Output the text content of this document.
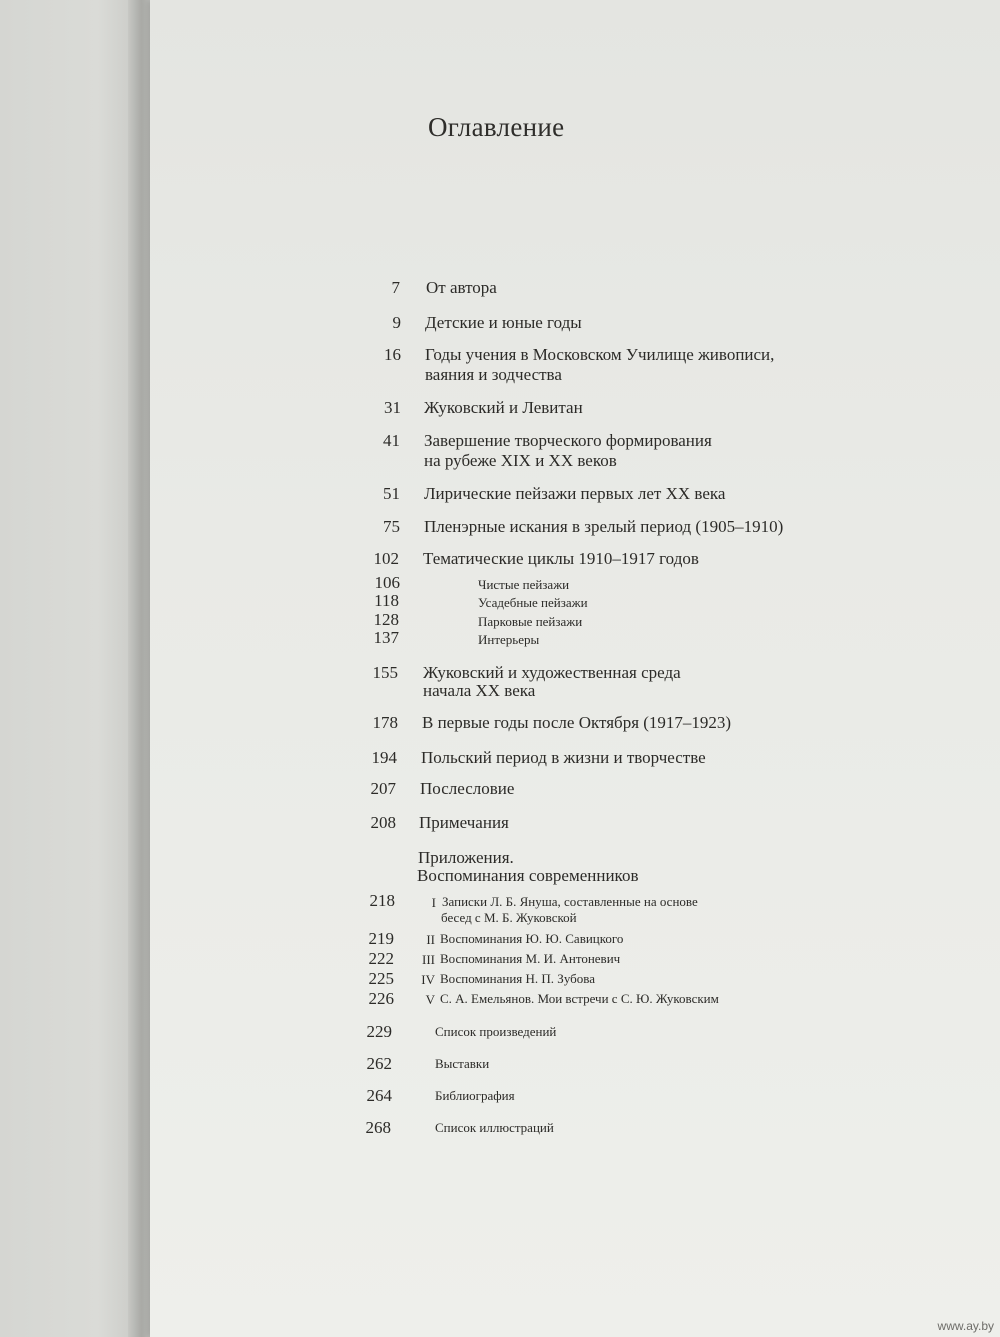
Оглавление
7 От автора
9 Детские и юные годы
16 Годы учения в Московском Училище живописи,
ваяния и зодчества
31 Жуковский и Левитан
41 Завершение творческого формирования
на рубеже XIX и XX веков
51 Лирические пейзажи первых лет XX века
75 Пленэрные искания в зрелый период (1905–1910)
102 Тематические циклы 1910–1917 годов
106	Чистые пейзажи
118	Усадебные пейзажи
128	Парковые пейзажи
137	Интерьеры
155 Жуковский и художественная среда
начала XX века
178 В первые годы после Октября (1917–1923)
194 Польский период в жизни и творчестве
207 Послесловие
208 Примечания
Приложения.
Воспоминания современников
218	I Записки Л. Б. Януша, составленные на основе
бесед с М. Б. Жуковской
219	II Воспоминания Ю. Ю. Савицкого
222	III Воспоминания М. И. Антоневич
225	IV Воспоминания Н. П. Зубова
226	V С. А. Емельянов. Мои встречи с С. Ю. Жуковским
229	Список произведений
262	Выставки
264	Библиография
268	Список иллюстраций
www.ay.by
